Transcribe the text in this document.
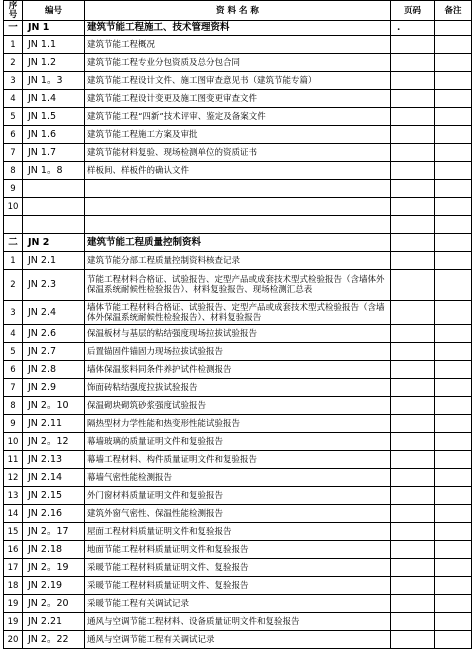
序号	编号	资 料 名 称	页码	备注
一	JN 1	建筑节能工程施工、技术管理资料	.	
1	JN 1.1	建筑节能工程概况		
2	JN 1.2	建筑节能工程专业分包资质及总分包合同		
3	JN 1。3	建筑节能工程设计文件、施工图审查意见书（建筑节能专篇）		
4	JN 1.4	建筑节能工程设计变更及施工图变更审查文件		
5	JN 1.5	建筑节能工程“四新”技术评审、鉴定及备案文件		
6	JN 1.6	建筑节能工程施工方案及审批		
7	JN 1.7	建筑节能材料复验、现场检测单位的资质证书		
8	JN 1。8	样板间、样板件的确认文件		
9				
10				

二	JN 2	建筑节能工程质量控制资料		
1	JN 2.1	建筑节能分部工程质量控制资料核查记录		
2	JN 2.3	节能工程材料合格证、试验报告、定型产品或成套技术型式检验报告（含墙体外保温系统耐候性检验报告）、材料复验报告、现场检测汇总表		
3	JN 2.4	墙体节能工程材料合格证、试验报告、定型产品或成套技术型式检验报告（含墙体外保温系统耐候性检验报告）、材料复验报告		
4	JN 2.6	保温板材与基层的粘结强度现场拉拔试验报告		
5	JN 2.7	后置锚固件锚固力现场拉拔试验报告		
6	JN 2.8	墙体保温浆料同条件养护试件检测报告		
7	JN 2.9	饰面砖粘结强度拉拔试验报告		
8	JN 2。10	保温砌块砌筑砂浆强度试验报告		
9	JN 2.11	隔热型材力学性能和热变形性能试验报告		
10	JN 2。12	幕墙玻璃的质量证明文件和复验报告		
11	JN 2.13	幕墙工程材料、构件质量证明文件和复验报告		
12	JN 2.14	幕墙气密性能检测报告		
13	JN 2.15	外门窗材料质量证明文件和复验报告		
14	JN 2.16	建筑外窗气密性、保温性能检测报告		
15	JN 2。17	屋面工程材料质量证明文件和复验报告		
16	JN 2.18	地面节能工程材料质量证明文件和复验报告		
17	JN 2。19	采暖节能工程材料质量证明文件、复验报告		
18	JN 2.19	采暖节能工程材料质量证明文件、复验报告		
19	JN 2。20	采暖节能工程有关调试记录		
19	JN 2.21	通风与空调节能工程材料、设备质量证明文件和复验报告		
20	JN 2。22	通风与空调节能工程有关调试记录		
